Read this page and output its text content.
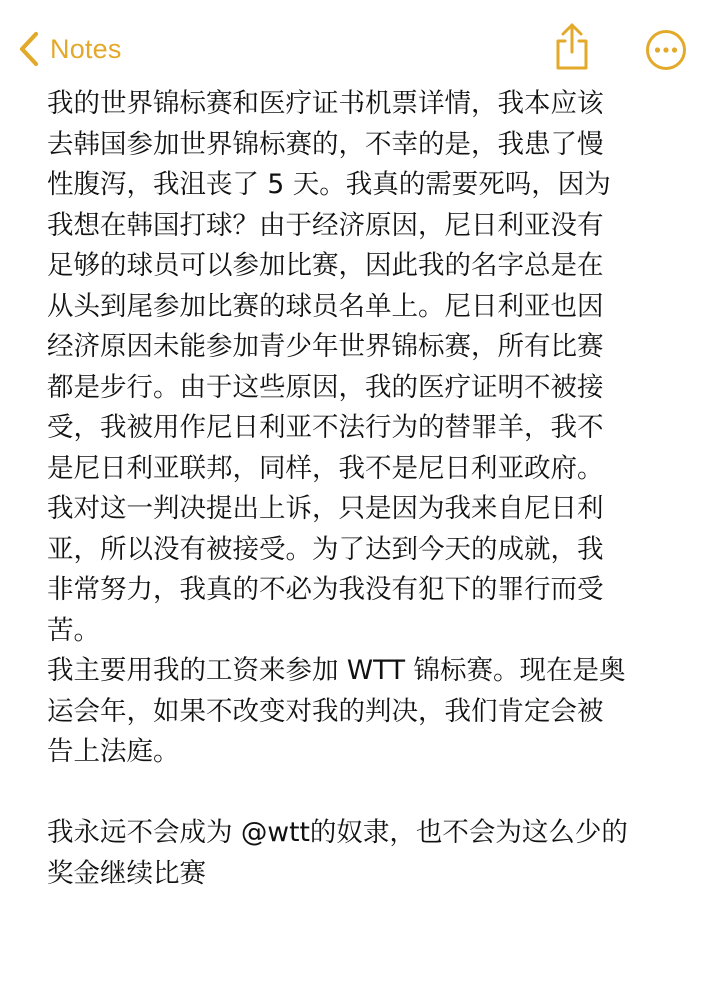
Notes
我的世界锦标赛和医疗证书机票详情，我本应该
去韩国参加世界锦标赛的，不幸的是，我患了慢
性腹泻，我沮丧了 5 天。我真的需要死吗，因为
我想在韩国打球？由于经济原因，尼日利亚没有
足够的球员可以参加比赛，因此我的名字总是在
从头到尾参加比赛的球员名单上。尼日利亚也因
经济原因未能参加青少年世界锦标赛，所有比赛
都是步行。由于这些原因，我的医疗证明不被接
受，我被用作尼日利亚不法行为的替罪羊，我不
是尼日利亚联邦，同样，我不是尼日利亚政府。
我对这一判决提出上诉，只是因为我来自尼日利
亚，所以没有被接受。为了达到今天的成就，我
非常努力，我真的不必为我没有犯下的罪行而受
苦。
我主要用我的工资来参加 WTT 锦标赛。现在是奥
运会年，如果不改变对我的判决，我们肯定会被
告上法庭。
我永远不会成为 @wtt的奴隶，也不会为这么少的
奖金继续比赛
